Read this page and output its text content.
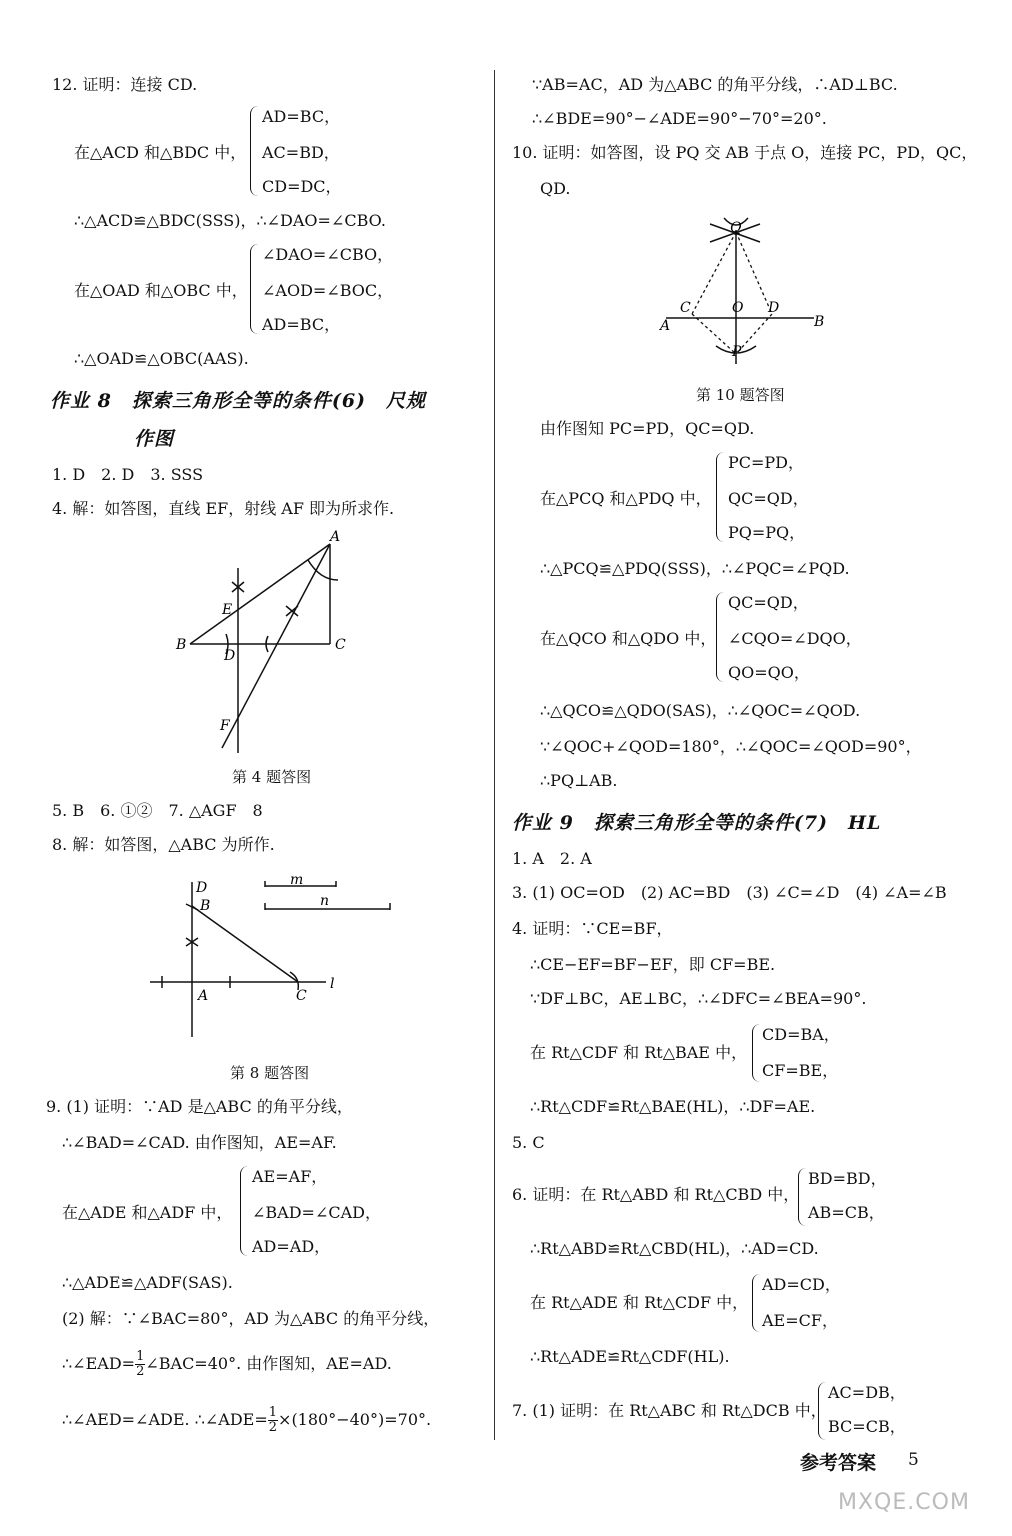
12. 证明：连接 CD.
在△ACD 和△BDC 中，
AD=BC，
AC=BD，
CD=DC，
∴△ACD≌△BDC(SSS)，∴∠DAO=∠CBO.
在△OAD 和△OBC 中，
∠DAO=∠CBO，
∠AOD=∠BOC，
AD=BC，
∴△OAD≌△OBC(AAS).
作业 8　探索三角形全等的条件(6)　尺规
作图
1. D　2. D　3. SSS
4. 解：如答图，直线 EF，射线 AF 即为所求作.
A
B	C
D
E
F
第 4 题答图
5. B　6. ①②　7. △AGF　8
8. 解：如答图，△ABC 为所作.
D
B
A	C
l
m
n
第 8 题答图
9. (1) 证明：∵AD 是△ABC 的角平分线，
∴∠BAD=∠CAD. 由作图知，AE=AF.
在△ADE 和△ADF 中，
AE=AF，
∠BAD=∠CAD，
AD=AD，
∴△ADE≌△ADF(SAS).
(2) 解：∵∠BAC=80°，AD 为△ABC 的角平分线，
∴∠EAD= $\frac{1}{2}$ ∠BAC=40°. 由作图知，AE=AD.
∴∠AED=∠ADE. ∴∠ADE= $\frac{1}{2} \times(180^\circ-40^\circ)=70^\circ$.
∵AB=AC，AD 为△ABC 的角平分线，∴AD⊥BC.
∴∠BDE=90°−∠ADE=90°−70°=20°.
10. 证明：如答图，设 PQ 交 AB 于点 O，连接 PC，PD，QC，
QD.
Q
C	O D
A	B
P
第 10 题答图
由作图知 PC=PD，QC=QD.
在△PCQ 和△PDQ 中，
PC=PD，
QC=QD，
PQ=PQ，
∴△PCQ≌△PDQ(SSS)，∴∠PQC=∠PQD.
在△QCO 和△QDO 中，
QC=QD，
∠CQO=∠DQO，
QO=QO，
∴△QCO≌△QDO(SAS)，∴∠QOC=∠QOD.
∵∠QOC+∠QOD=180°，∴∠QOC=∠QOD=90°，
∴PQ⊥AB.
作业 9　探索三角形全等的条件(7)　HL
1. A　2. A
3. (1) OC=OD　(2) AC=BD　(3) ∠C=∠D　(4) ∠A=∠B
4. 证明：∵CE=BF，
∴CE−EF=BF−EF，即 CF=BE.
∵DF⊥BC，AE⊥BC，∴∠DFC=∠BEA=90°.
在 Rt△CDF 和 Rt△BAE 中，
CD=BA，
CF=BE，
∴Rt△CDF≌Rt△BAE(HL)，∴DF=AE.
5. C
6. 证明：在 Rt△ABD 和 Rt△CBD 中，
BD=BD，
AB=CB，
∴Rt△ABD≌Rt△CBD(HL)，∴AD=CD.
在 Rt△ADE 和 Rt△CDF 中，
AD=CD，
AE=CF，
∴Rt△ADE≌Rt△CDF(HL).
7. (1) 证明：在 Rt△ABC 和 Rt△DCB 中，
AC=DB，
BC=CB，
参考答案 5
MXQE.COM
